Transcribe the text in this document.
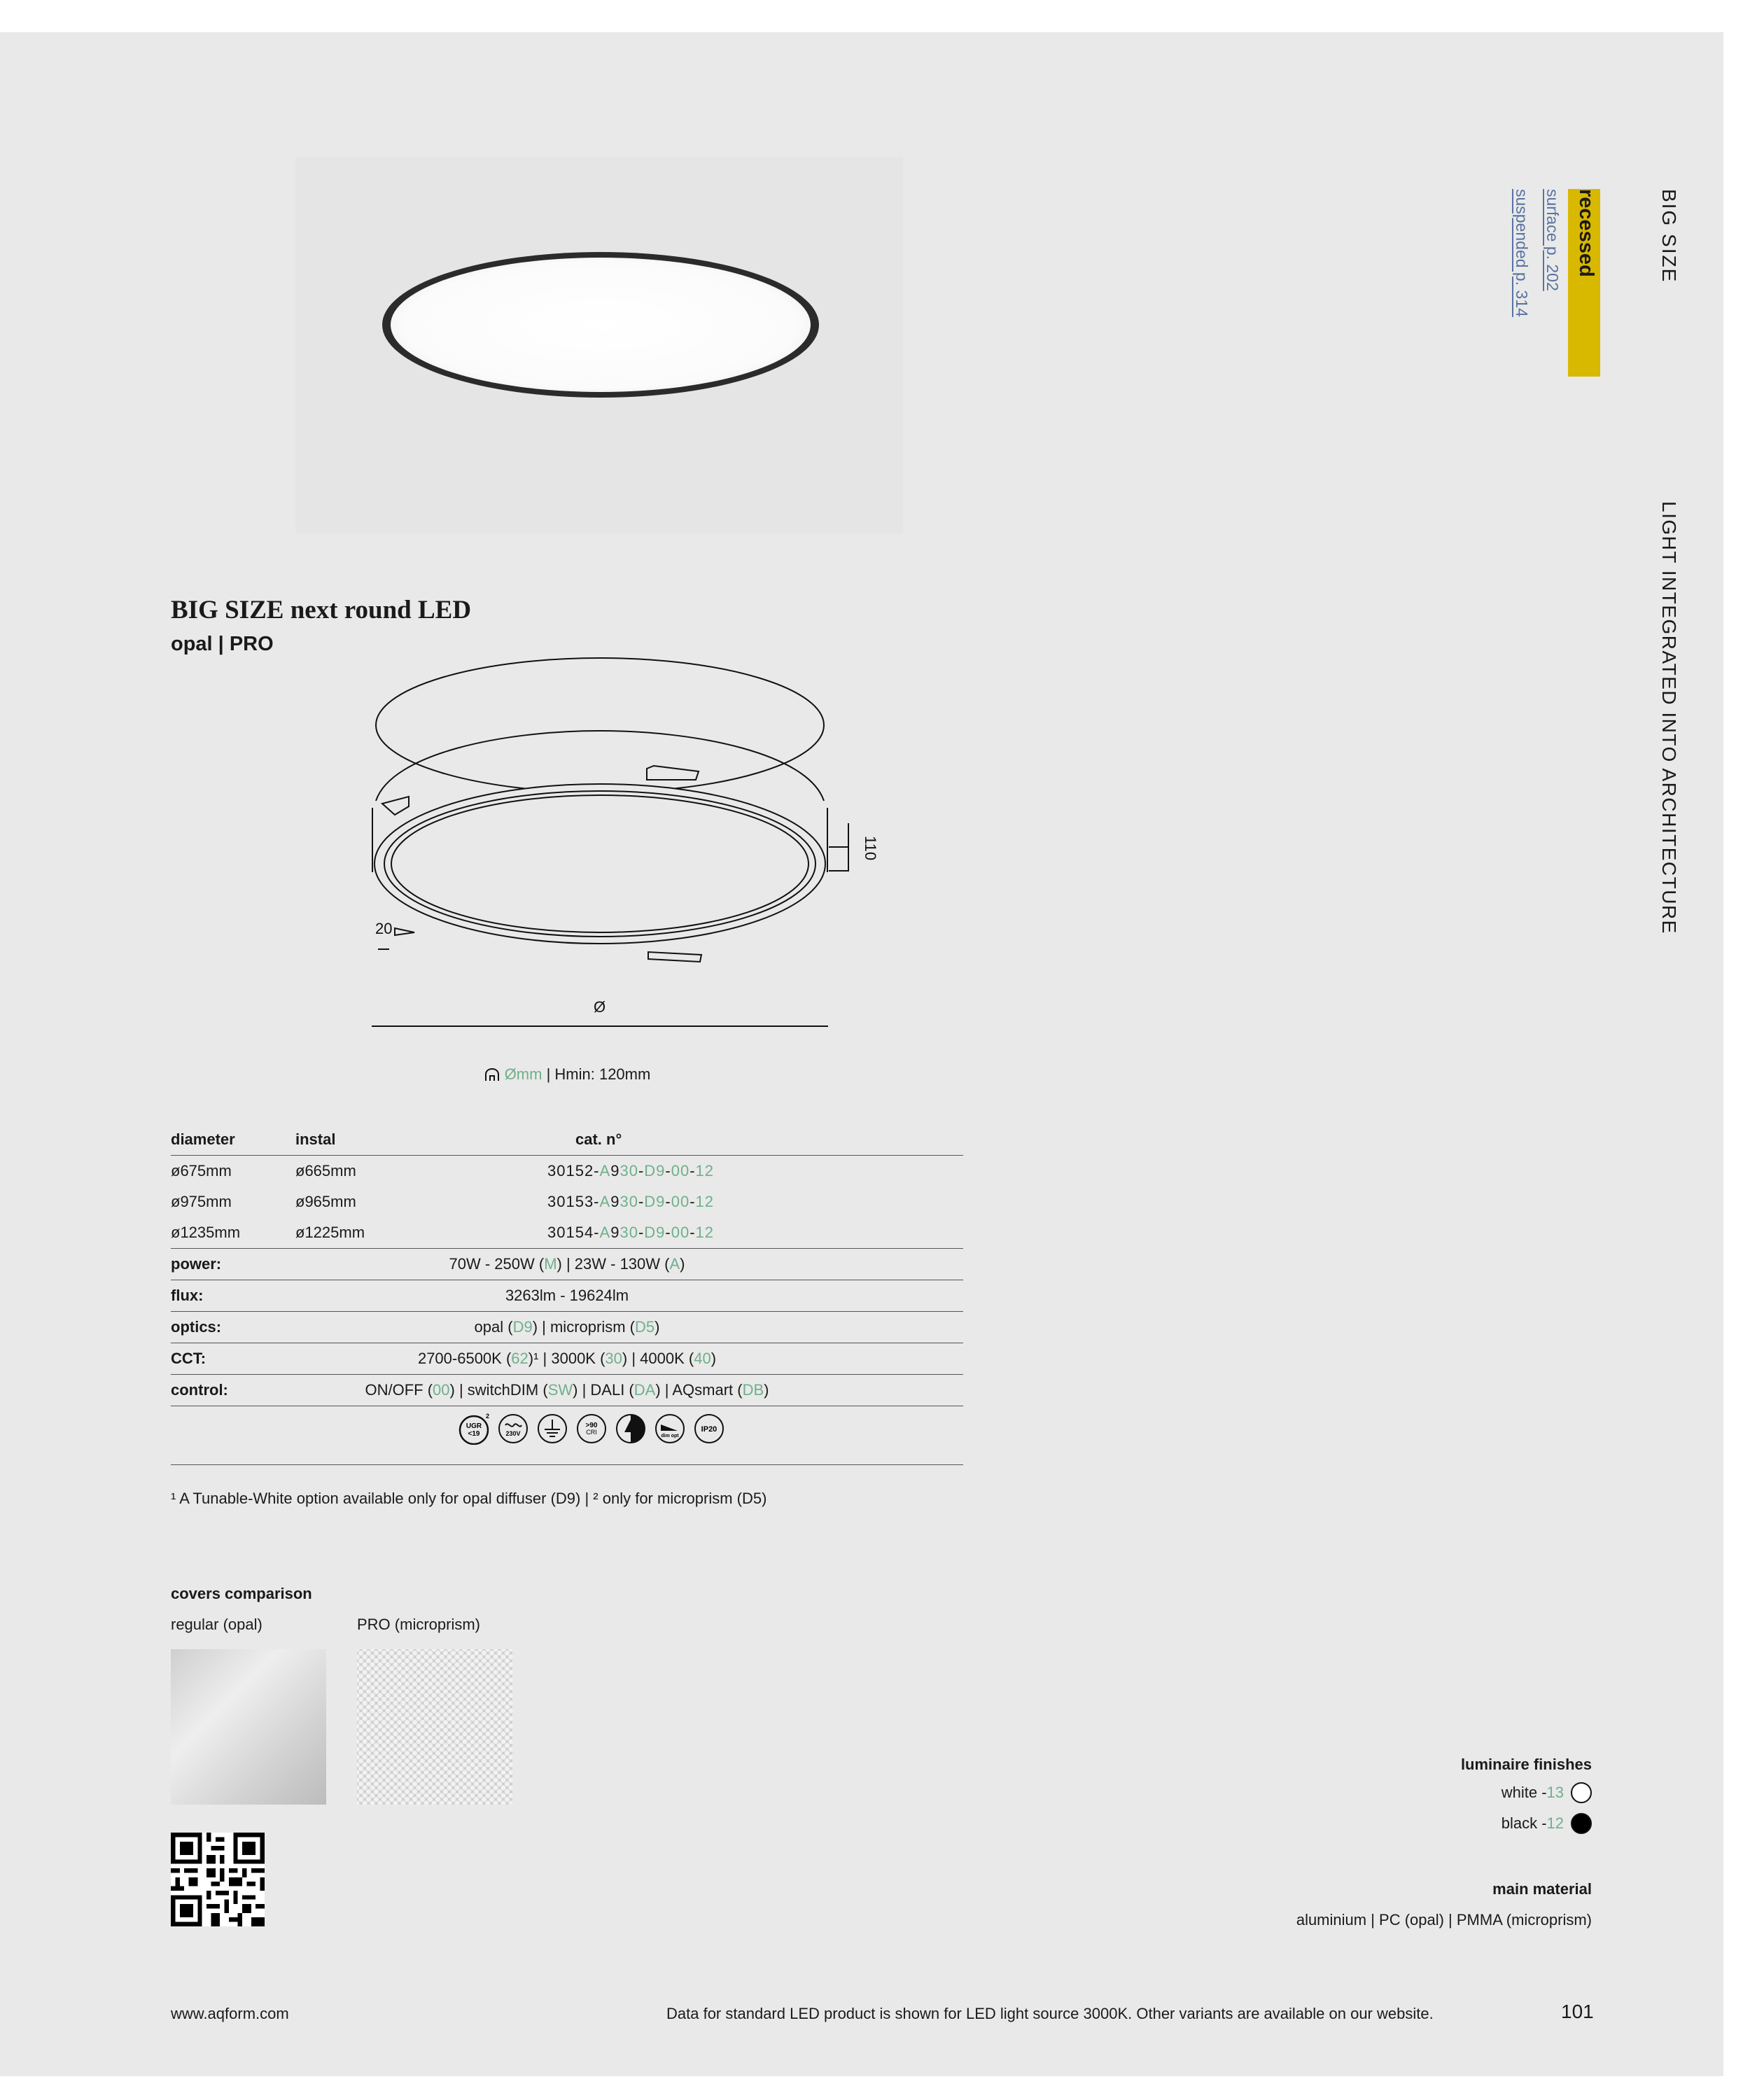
BIG SIZE
LIGHT INTEGRATED INTO ARCHITECTURE
recessed
surface p. 202
suspended p. 314
BIG SIZE next round LED
opal | PRO
110
20
Ø
Ømm | Hmin: 120mm
diameter	instal	cat. n°
ø675mm	ø665mm	30152-A930-D9-00-12
ø975mm	ø965mm	30153-A930-D9-00-12
ø1235mm	ø1225mm	30154-A930-D9-00-12
power:	70W - 250W (M) | 23W - 130W (A)	
flux:	3263lm - 19624lm	
optics:	opal (D9) | microprism (D5)	
CCT:	2700-6500K (62)¹ | 3000K (30) | 4000K (40)	
control:	ON/OFF (00) | switchDIM (SW) | DALI (DA) | AQsmart (DB)	
UGR
<19
2
230V
>90
CRI
dim opt
IP20
¹ A Tunable-White option available only for opal diffuser (D9) | ² only for microprism (D5)
covers comparison
regular (opal)	PRO (microprism)
luminaire finishes
white -13
black -12
main material
aluminium | PC (opal) | PMMA (microprism)
www.aqform.com	Data for standard LED product is shown for LED light source 3000K. Other variants are available on our website.	101
